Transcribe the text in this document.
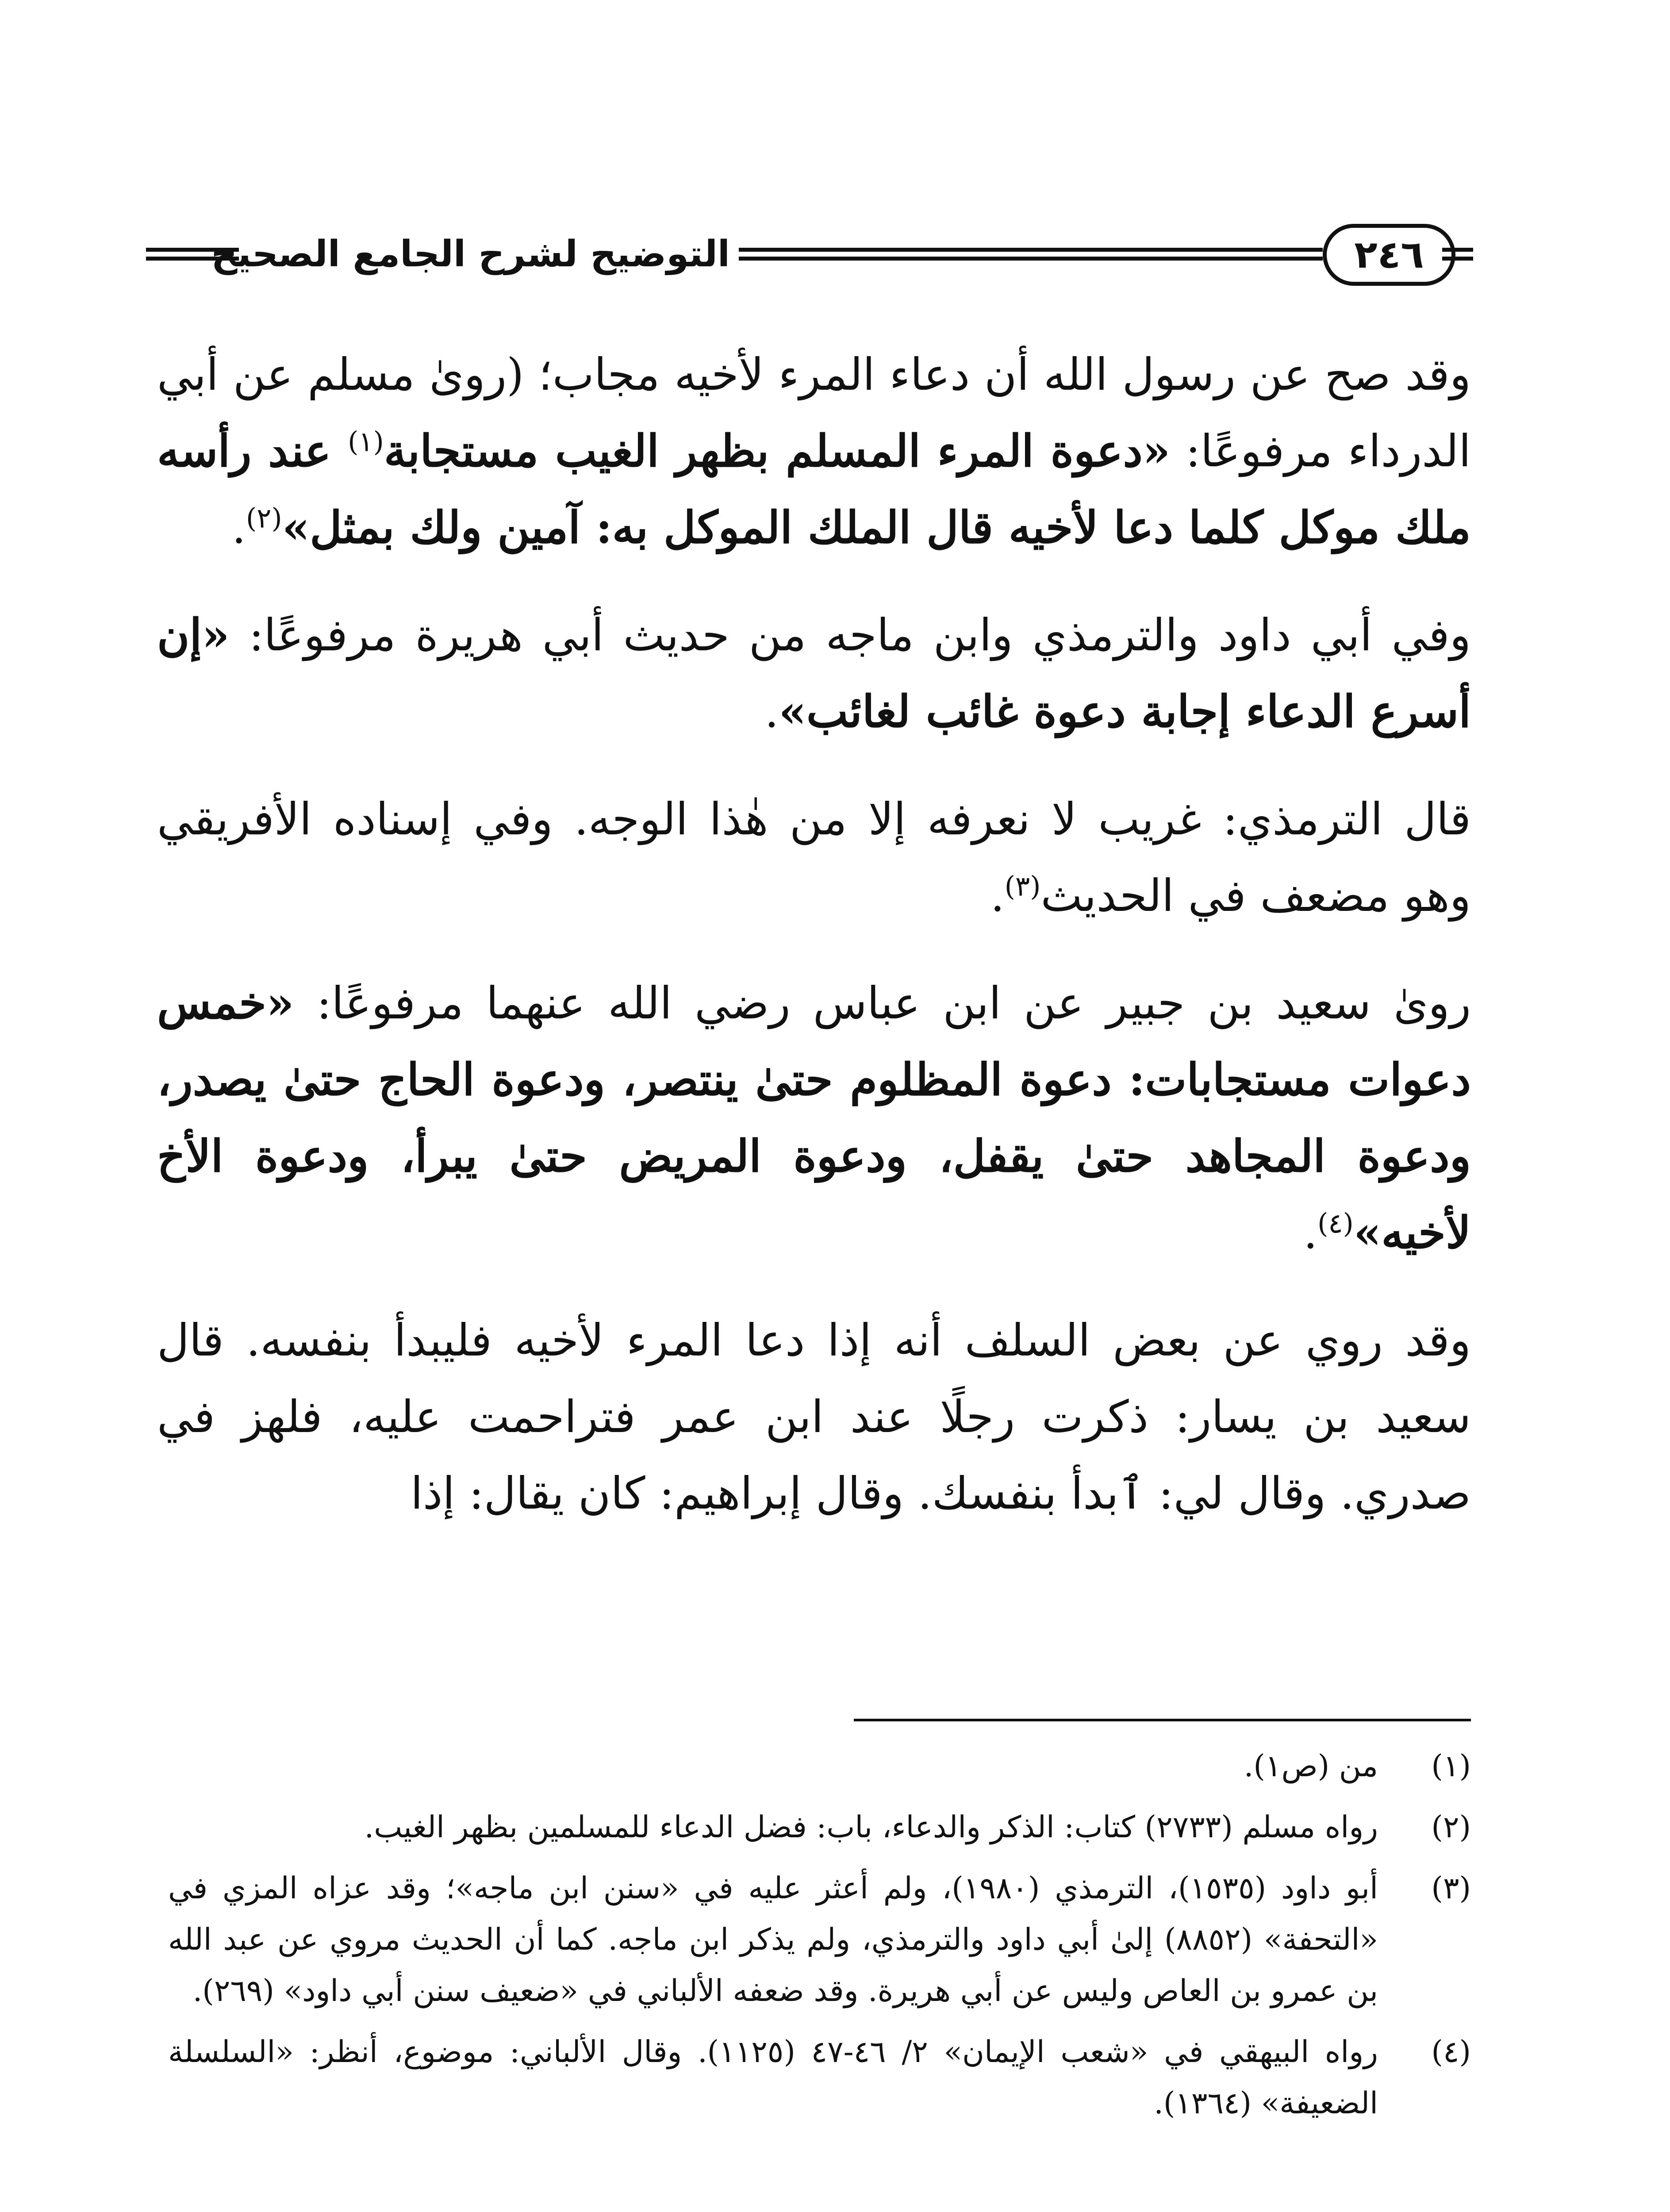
التوضيح لشرح الجامع الصحيح	٢٤٦

وقد صح عن رسول الله أن دعاء المرء لأخيه مجاب؛ (روىٰ مسلم عن أبي الدرداء مرفوعًا: «دعوة المرء المسلم بظهر الغيب مستجابة$^{(١)}$ عند رأسه ملك موكل كلما دعا لأخيه قال الملك الموكل به: آمين ولك بمثل»$^{(٢)}$.

وفي أبي داود والترمذي وابن ماجه من حديث أبي هريرة مرفوعًا: «إن أسرع الدعاء إجابة دعوة غائب لغائب».

قال الترمذي: غريب لا نعرفه إلا من هٰذا الوجه. وفي إسناده الأفريقي وهو مضعف في الحديث$^{(٣)}$.

روىٰ سعيد بن جبير عن ابن عباس رضي الله عنهما مرفوعًا: «خمس دعوات مستجابات: دعوة المظلوم حتىٰ ينتصر، ودعوة الحاج حتىٰ يصدر، ودعوة المجاهد حتىٰ يقفل، ودعوة المريض حتىٰ يبرأ، ودعوة الأخ لأخيه»$^{(٤)}$.

وقد روي عن بعض السلف أنه إذا دعا المرء لأخيه فليبدأ بنفسه. قال سعيد بن يسار: ذكرت رجلًا عند ابن عمر فتراحمت عليه، فلهز في صدري. وقال لي: ٱبدأ بنفسك. وقال إبراهيم: كان يقال: إذا

(١)
من (ص١).
(٢)
رواه مسلم (٢٧٣٣) كتاب: الذكر والدعاء، باب: فضل الدعاء للمسلمين بظهر الغيب.
(٣)
أبو داود (١٥٣٥)، الترمذي (١٩٨٠)، ولم أعثر عليه في «سنن ابن ماجه»؛ وقد عزاه المزي في «التحفة» (٨٨٥٢) إلىٰ أبي داود والترمذي، ولم يذكر ابن ماجه. كما أن الحديث مروي عن عبد الله بن عمرو بن العاص وليس عن أبي هريرة. وقد ضعفه الألباني في «ضعيف سنن أبي داود» (٢٦٩).
(٤)
رواه البيهقي في «شعب الإيمان» ٢/ ٤٦-٤٧ (١١٢٥). وقال الألباني: موضوع، أنظر: «السلسلة الضعيفة» (١٣٦٤).
